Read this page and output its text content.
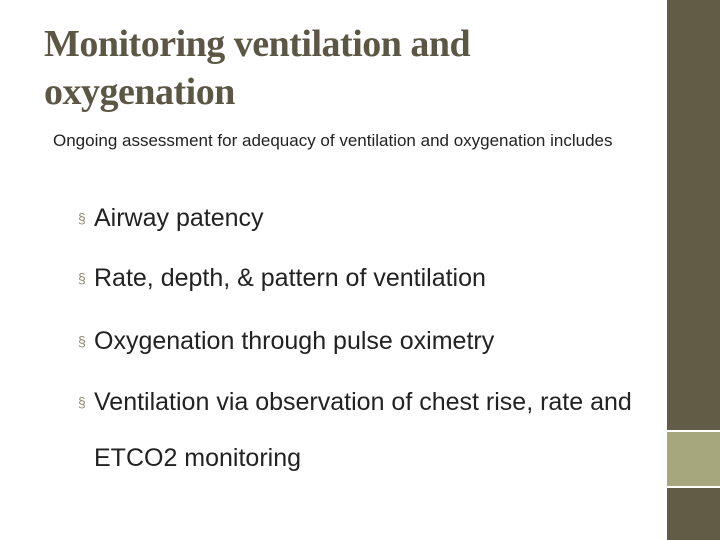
Monitoring ventilation and oxygenation
Ongoing assessment for adequacy of ventilation and oxygenation includes
§ Airway patency
§ Rate, depth, & pattern of ventilation
§ Oxygenation through pulse oximetry
§ Ventilation via observation of chest rise, rate and ETCO2 monitoring
